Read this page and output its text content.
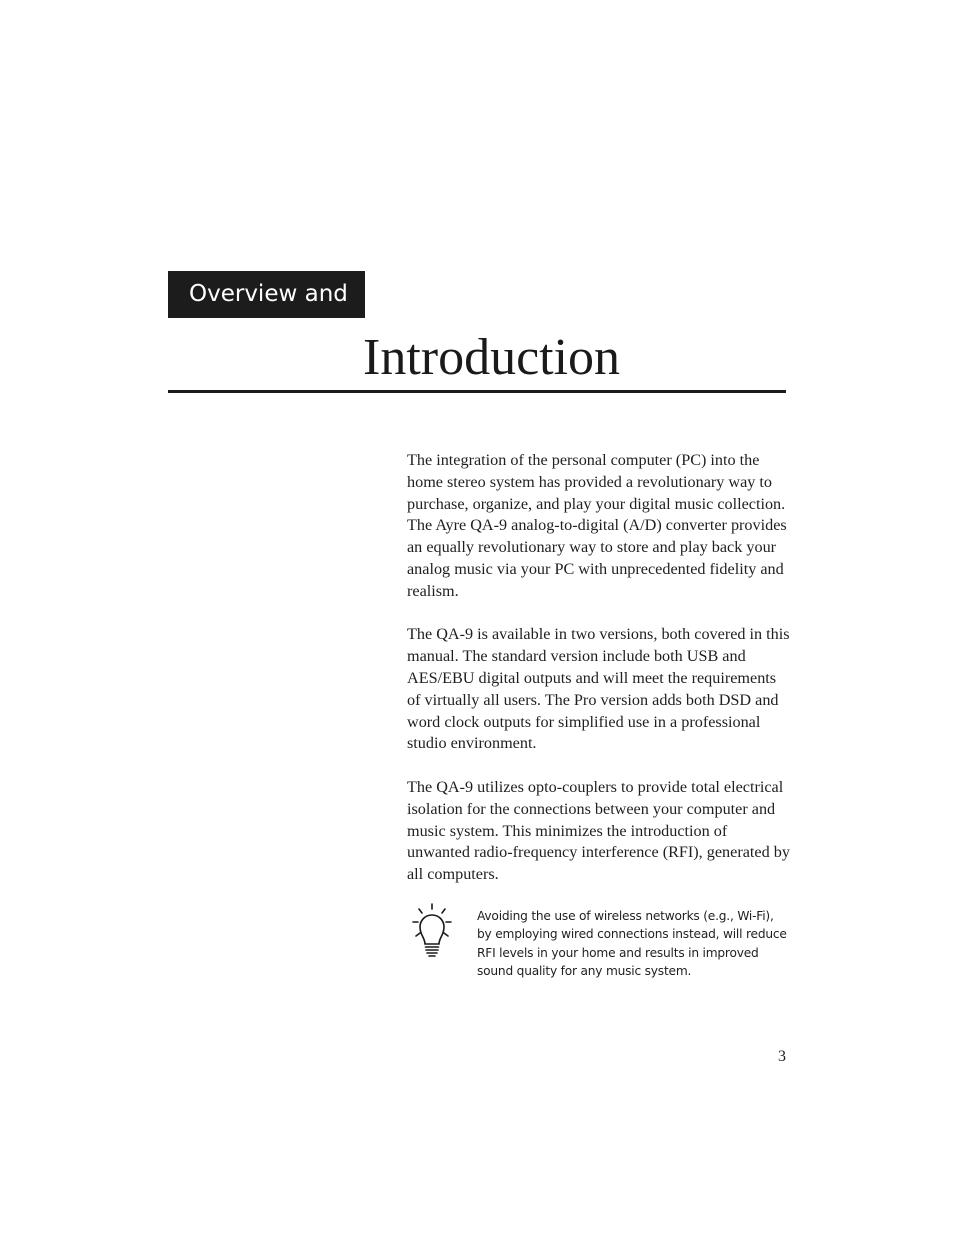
Overview and
Introduction

The integration of the personal computer (PC) into the home stereo system has provided a revolutionary way to purchase, organize, and play your digital music collection. The Ayre QA-9 analog-to-digital (A/D) converter provides an equally revolutionary way to store and play back your analog music via your PC with unprecedented fidelity and realism.

The QA-9 is available in two versions, both covered in this manual. The standard version include both USB and AES/EBU digital outputs and will meet the requirements of virtually all users. The Pro version adds both DSD and word clock outputs for simplified use in a professional studio environment.

The QA-9 utilizes opto-couplers to provide total electrical isolation for the connections between your computer and music system. This minimizes the introduction of unwanted radio-frequency interference (RFI), generated by all computers.

Avoiding the use of wireless networks (e.g., Wi-Fi), by employing wired connections instead, will reduce RFI levels in your home and results in improved sound quality for any music system.
3
